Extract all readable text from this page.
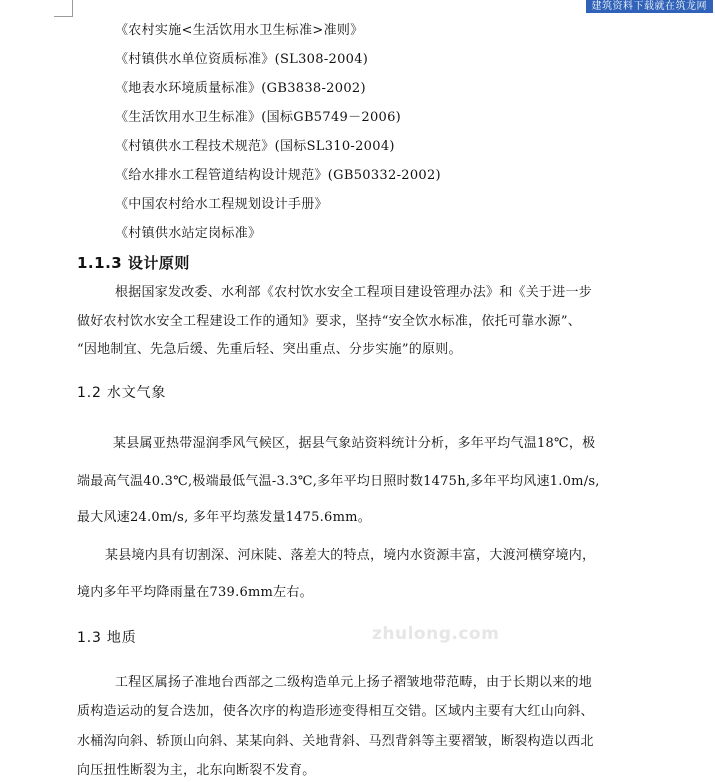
建筑资料下载就在筑龙网
zhulong.com
《农村实施<生活饮用水卫生标准>准则》
《村镇供水单位资质标准》(SL308-2004)
《地表水环境质量标准》(GB3838-2002)
《生活饮用水卫生标准》(国标GB5749－2006)
《村镇供水工程技术规范》(国标SL310-2004)
《给水排水工程管道结构设计规范》(GB50332-2002)
《中国农村给水工程规划设计手册》
《村镇供水站定岗标准》
1.1.3 设计原则
根据国家发改委、水利部《农村饮水安全工程项目建设管理办法》和《关于进一步
做好农村饮水安全工程建设工作的通知》要求，坚持“安全饮水标准，依托可靠水源”、
“因地制宜、先急后缓、先重后轻、突出重点、分步实施”的原则。
1.2 水文气象
某县属亚热带湿润季风气候区，据县气象站资料统计分析，多年平均气温18℃，极
端最高气温40.3℃,极端最低气温-3.3℃,多年平均日照时数1475h,多年平均风速1.0m/s,
最大风速24.0m/s, 多年平均蒸发量1475.6mm。
某县境内具有切割深、河床陡、落差大的特点，境内水资源丰富，大渡河横穿境内，
境内多年平均降雨量在739.6mm左右。
1.3 地质
工程区属扬子准地台西部之二级构造单元上扬子褶皱地带范畴，由于长期以来的地
质构造运动的复合迭加，使各次序的构造形迹变得相互交错。区域内主要有大红山向斜、
水桶沟向斜、轿顶山向斜、某某向斜、关地背斜、马烈背斜等主要褶皱，断裂构造以西北
向压扭性断裂为主，北东向断裂不发育。
